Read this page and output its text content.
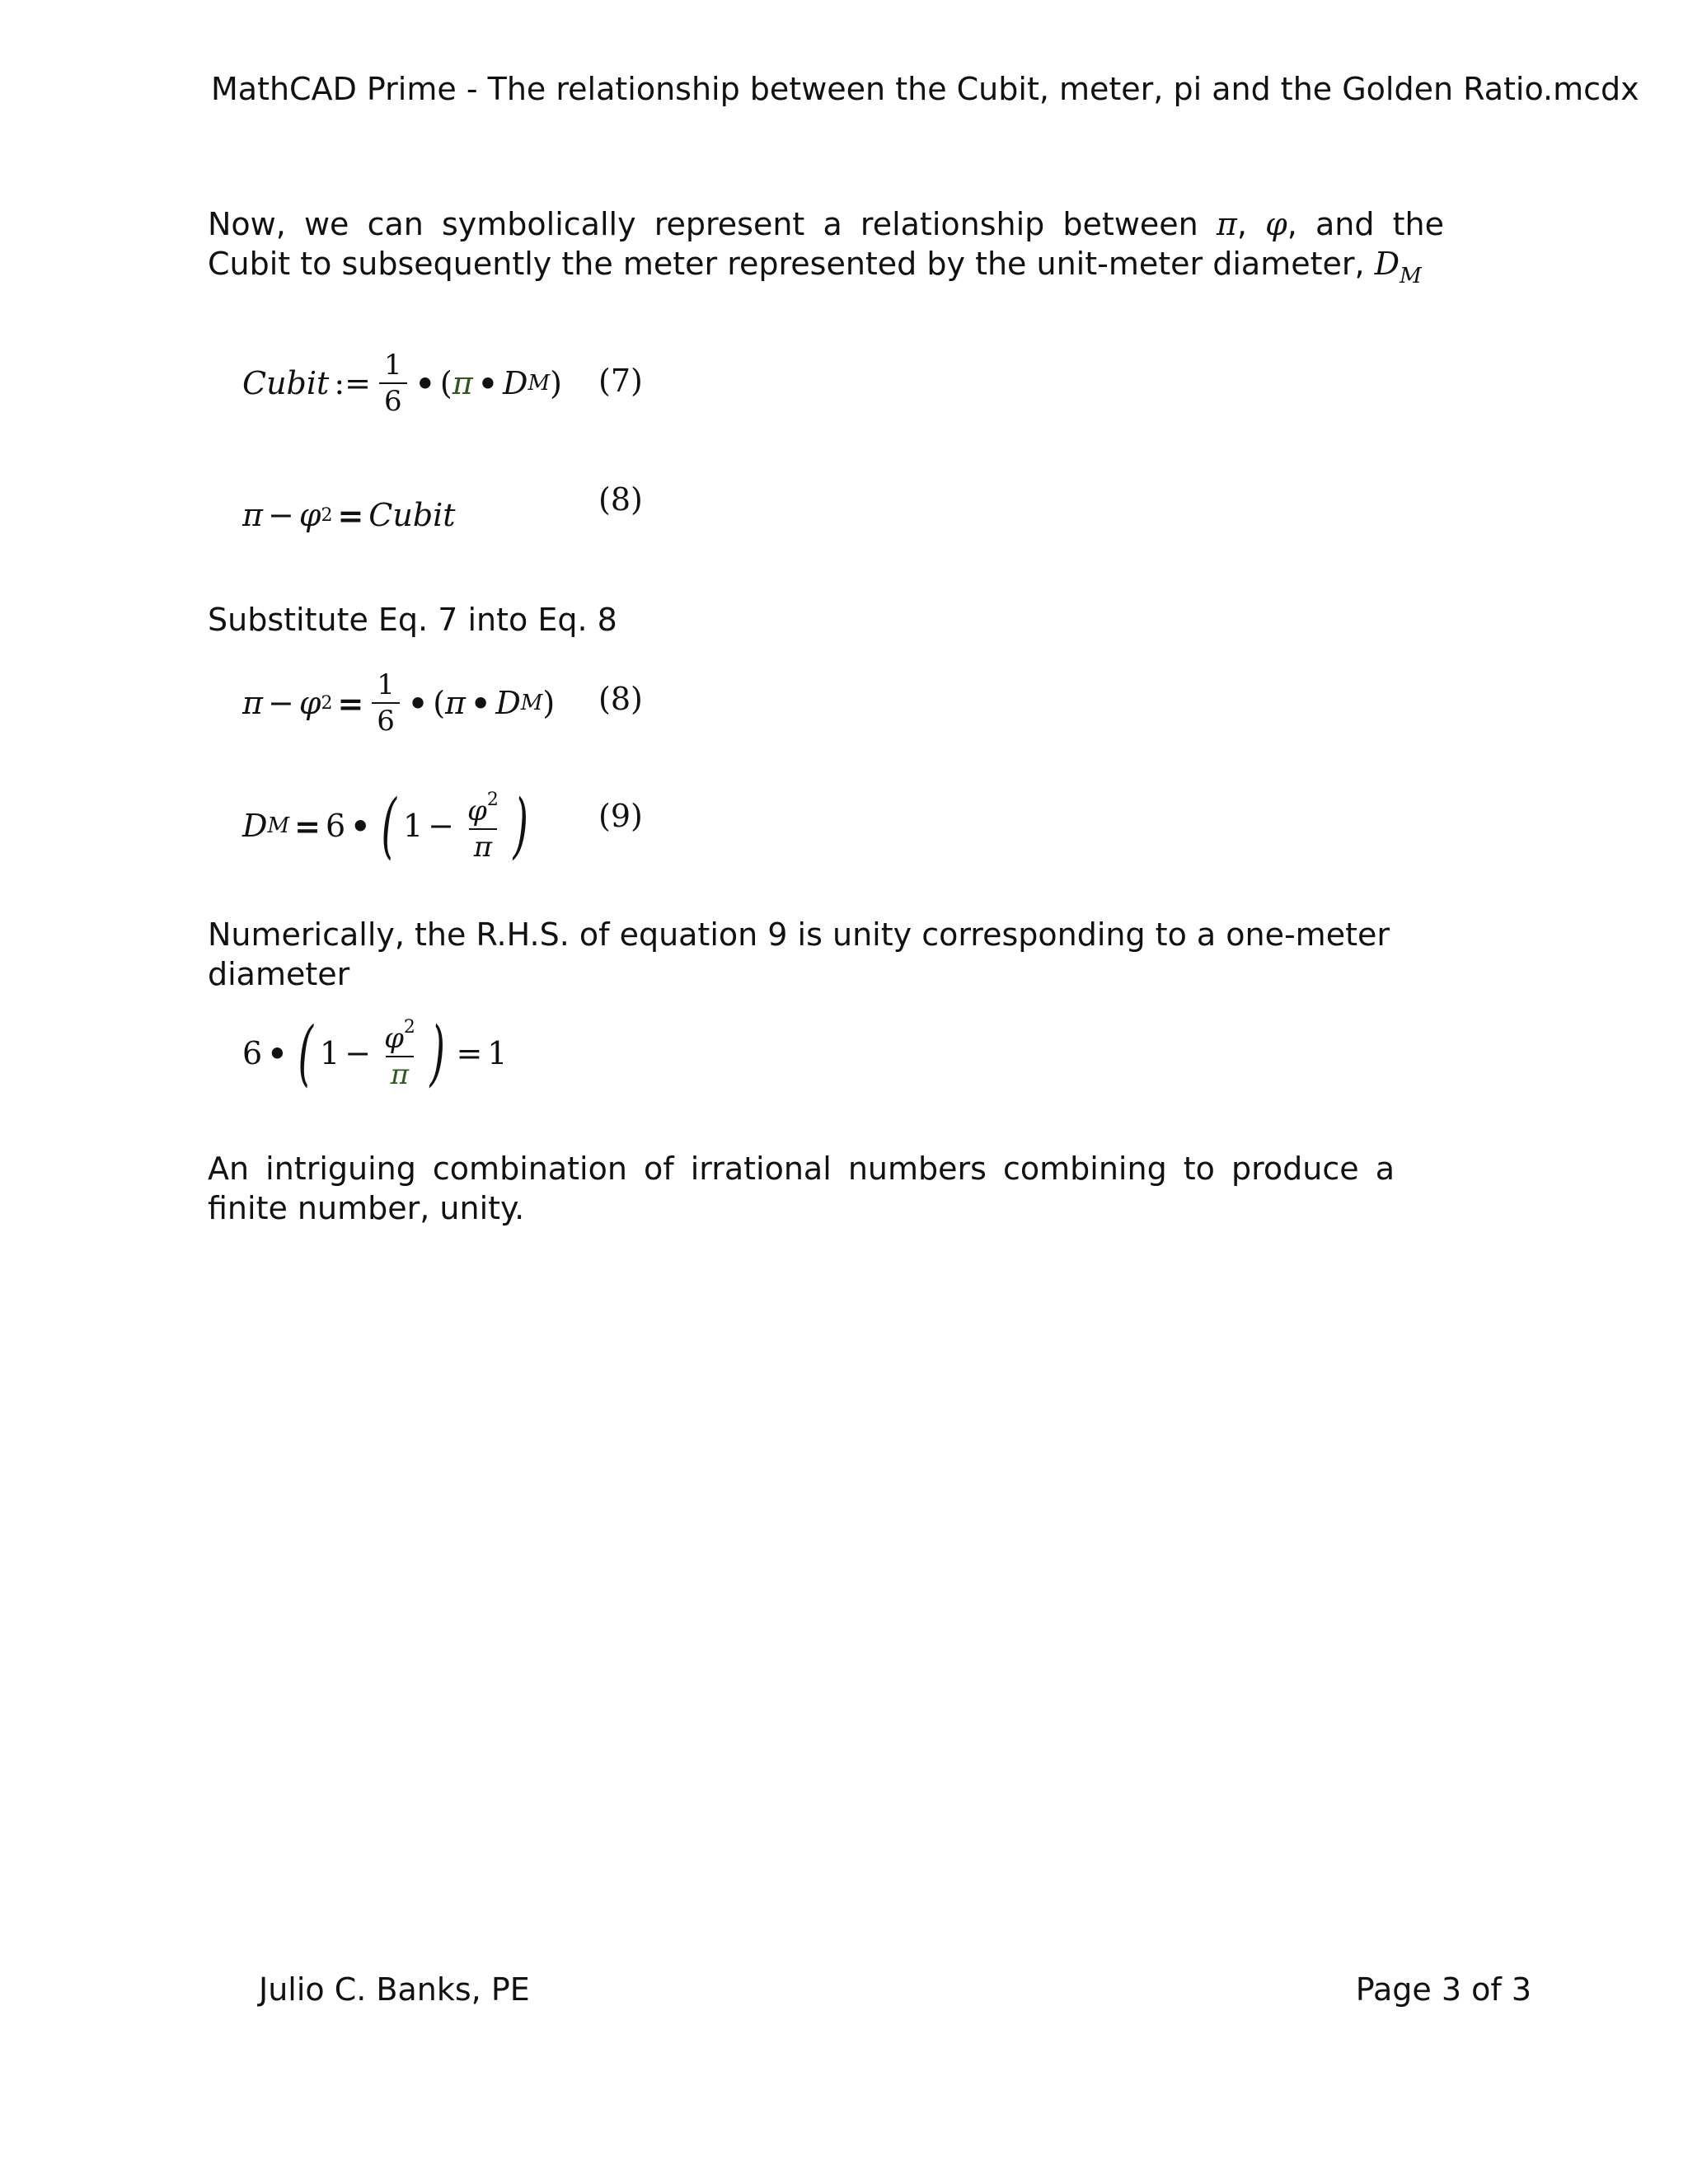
MathCAD Prime - The relationship between the Cubit, meter, pi and the Golden Ratio.mcdx
Now, we can symbolically represent a relationship between π, φ, and the Cubit to subsequently the meter represented by the unit-meter diameter, $D_M$
Cubit := $\frac{1}{6}$ • ( π • D M ) (7)
π − φ 2 = Cubit	(8)
Substitute Eq. 7 into Eq. 8
π − φ $2 = \frac{1}{6}$ • ( π • D M ) (8)
D M = 6 • ( $1 - \frac{\varphi^2}{\pi}$ ) (9)
Numerically, the R.H.S. of equation 9 is unity corresponding to a one-meter diameter
6 • ( $1 - \frac{\varphi^2}{\pi}$ ) = 1
An intriguing combination of irrational numbers combining to produce a finite number, unity.
Julio C. Banks, PE	Page 3 of 3
